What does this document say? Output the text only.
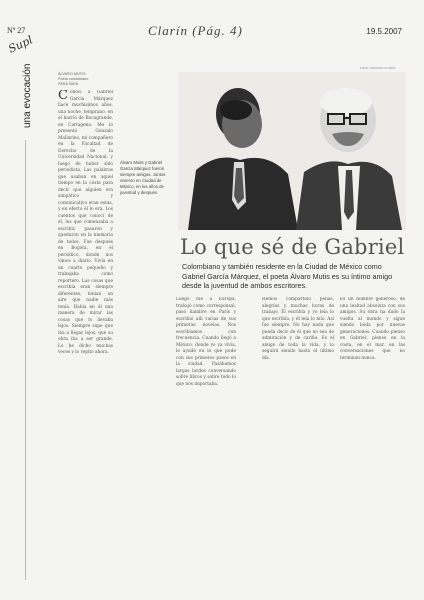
Nº 27
Supl
Clarín (Pág. 4)	19.5.2007
una evocación	ÁLVARO MUTIS
Poeta colombiano
PARA ÑATA
Conocí a Gabriel García Márquez hace muchísimos años, una noche, temprano, en el barrio de Bocagrande, en Cartagena. Me lo presentó Gonzalo Mallarino, mi compañero en la Facultad de Derecho de la Universidad Nacional, y luego de haber sido periodista. Las palabras que usaban en aquel tiempo en la costa para decir que alguien era simpático y comunicativo eran estas, y en efecto él lo era. Los cuentos que conocí de él, los que comenzaba a escribir, pasaron y quedaron en la memoria de todos. Fue después en Bogotá, en el periódico, donde nos vimos a diario. Vivía en un cuarto pequeño y trabajaba como reportero. Las cosas que escribía eran siempre diferentes, tenían un aire que nadie más tenía. Había en él una manera de mirar las cosas que lo llevaba lejos. Siempre supe que iba a llegar lejos, que su obra iba a ser grande. Lo he dicho muchas veces y lo repito ahora.
FOTO: ARCHIVO CLARÍN
Álvaro Mutis y Gabriel García Márquez fueron siempre amigos. Juntos vivieron en Ciudad de México, en los años de juventud y después.
Lo que sé de Gabriel
Colombiano y también residente en la Ciudad de México como Gabriel García Márquez, el poeta Álvaro Mutis es su íntimo amigo desde la juventud de ambos escritores.
Luego fue a Europa, trabajó como corresponsal, pasó hambre en París y escribió allí varias de sus primeras novelas. Nos escribíamos con frecuencia. Cuando llegó a México, donde yo ya vivía, le ayudé en lo que pude con sus primeros pasos en la ciudad. Pasábamos largas tardes conversando sobre libros y sobre todo lo que nos importaba.
Hemos compartido penas, alegrías y muchas horas de trabajo. Él escribía y yo leía lo que escribía, y él leía lo mío. Así fue siempre. No hay nada que pueda decir de él que no sea de admiración y de cariño. Es el amigo de toda la vida, y lo seguirá siendo hasta el último día.
Es un hombre generoso, de una lealtad absoluta con sus amigos. Su obra ha dado la vuelta al mundo y sigue siendo leída por nuevas generaciones. Cuando pienso en Gabriel, pienso en la costa, en el mar, en las conversaciones que no terminan nunca.
